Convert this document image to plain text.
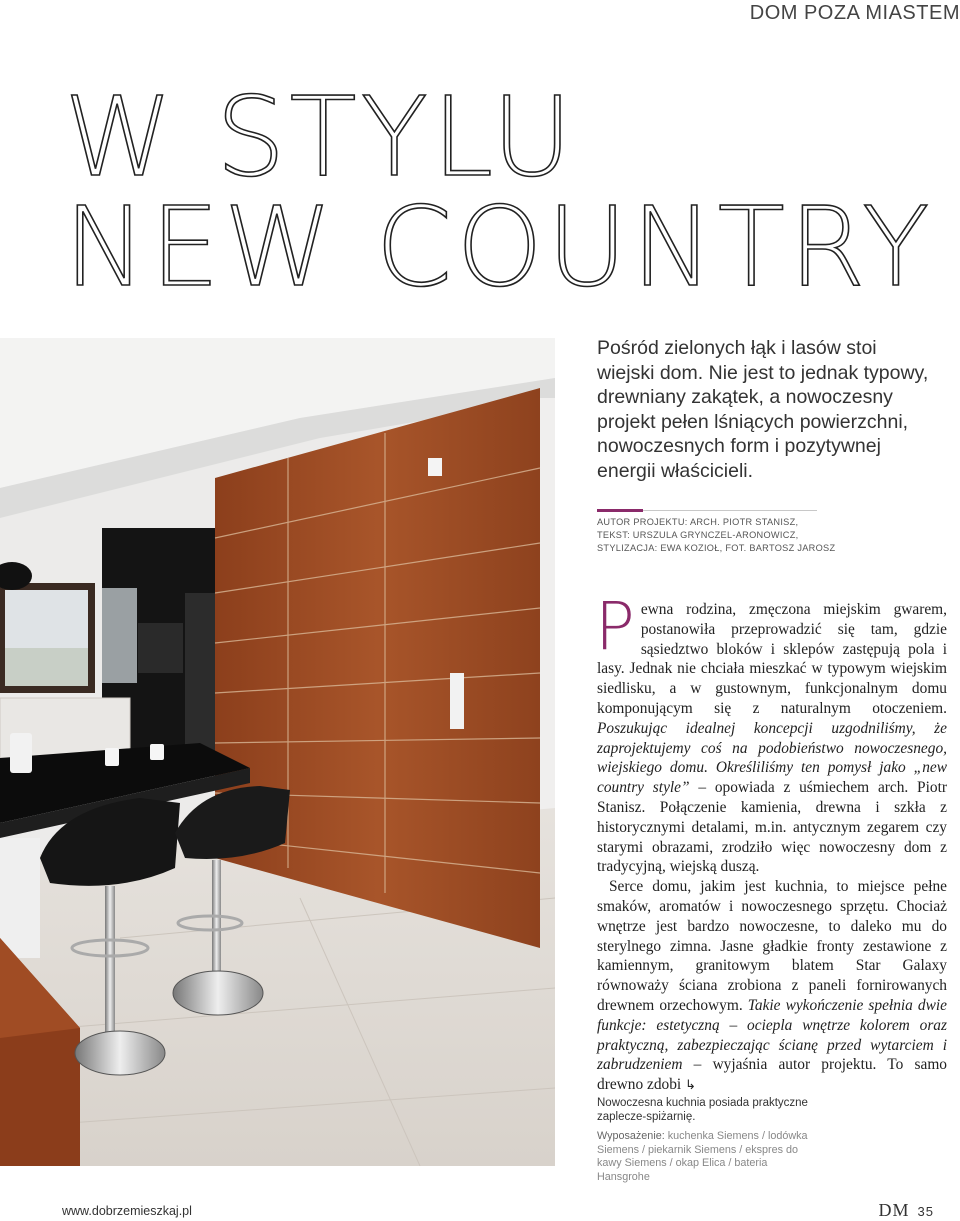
DOM POZA MIASTEM
W STYLU
NEW COUNTRY
Pośród zielonych łąk i lasów stoi wiejski dom. Nie jest to jednak typowy, drewniany zakątek, a nowoczesny projekt pełen lśniących powierzchni, nowoczesnych form i pozytywnej energii właścicieli.
AUTOR PROJEKTU: ARCH. PIOTR STANISZ,
TEKST: URSZULA GRYNCZEL-ARONOWICZ,
STYLIZACJA: EWA KOZIOŁ, FOT. BARTOSZ JAROSZ

Pewna rodzina, zmęczona miejskim gwarem, postanowiła przeprowadzić się tam, gdzie sąsiedztwo bloków i sklepów zastępują pola i lasy. Jednak nie chciała mieszkać w typowym wiejskim siedlisku, a w gustownym, funkcjonalnym domu komponującym się z naturalnym otoczeniem. Poszukując idealnej koncepcji uzgodniliśmy, że zaprojektujemy coś na podobieństwo nowoczesnego, wiejskiego domu. Określiliśmy ten pomysł jako „new country style” – opowiada z uśmiechem arch. Piotr Stanisz. Połączenie kamienia, drewna i szkła z historycznymi detalami, m.in. antycznym zegarem czy starymi obrazami, zrodziło więc nowoczesny dom z tradycyjną, wiejską duszą.

Serce domu, jakim jest kuchnia, to miejsce pełne smaków, aromatów i nowoczesnego sprzętu. Chociaż wnętrze jest bardzo nowoczesne, to daleko mu do sterylnego zimna. Jasne gładkie fronty zestawione z kamiennym, granitowym blatem Star Galaxy równoważy ściana zrobiona z paneli fornirowanych drewnem orzechowym. Takie wykończenie spełnia dwie funkcje: estetyczną – ociepla wnętrze kolorem oraz praktyczną, zabezpieczając ścianę przed wytarciem i zabrudzeniem – wyjaśnia autor projektu. To samo drewno zdobi ↳

Nowoczesna kuchnia posiada praktyczne zaplecze-spiżarnię.
Wyposażenie: kuchenka Siemens / lodówka Siemens / piekarnik Siemens / ekspres do kawy Siemens / okap Elica / bateria Hansgrohe
www.dobrzemieszkaj.pl	DM 35
